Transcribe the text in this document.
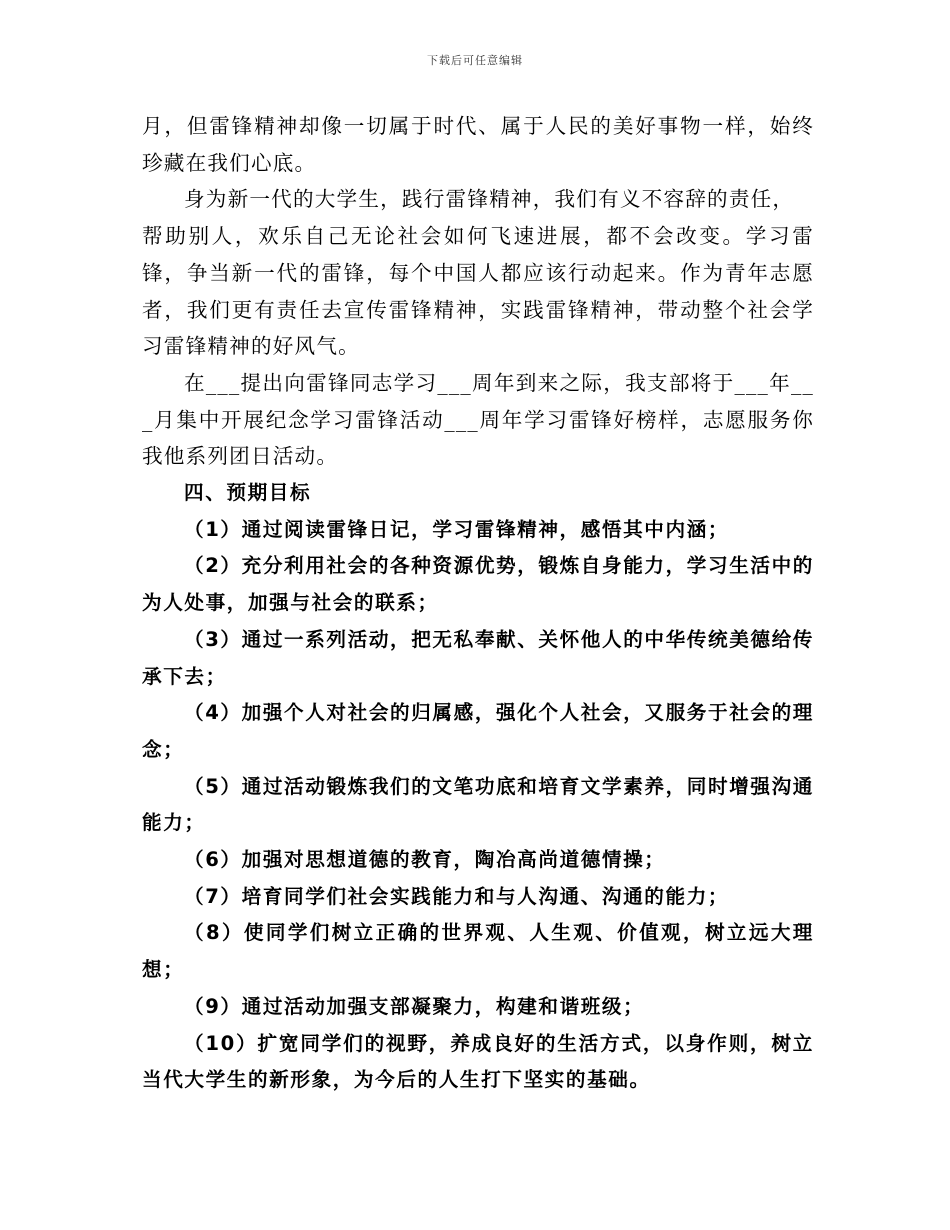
下载后可任意编辑

月，但雷锋精神却像一切属于时代、属于人民的美好事物一样，始终珍藏在我们心底。

身为新一代的大学生，践行雷锋精神，我们有义不容辞的责任，

帮助别人，欢乐自己无论社会如何飞速进展，都不会改变。学习雷锋，争当新一代的雷锋，每个中国人都应该行动起来。作为青年志愿者，我们更有责任去宣传雷锋精神，实践雷锋精神，带动整个社会学习雷锋精神的好风气。

在___提出向雷锋同志学习___周年到来之际，我支部将于___年___月集中开展纪念学习雷锋活动___周年学习雷锋好榜样，志愿服务你我他系列团日活动。

四、预期目标

（1）通过阅读雷锋日记，学习雷锋精神，感悟其中内涵；
（2）充分利用社会的各种资源优势，锻炼自身能力，学习生活中的为人处事，加强与社会的联系；
（3）通过一系列活动，把无私奉献、关怀他人的中华传统美德给传承下去；
（4）加强个人对社会的归属感，强化个人社会，又服务于社会的理念；
（5）通过活动锻炼我们的文笔功底和培育文学素养，同时增强沟通能力；
（6）加强对思想道德的教育，陶冶高尚道德情操；
（7）培育同学们社会实践能力和与人沟通、沟通的能力；
（8）使同学们树立正确的世界观、人生观、价值观，树立远大理想；
（9）通过活动加强支部凝聚力，构建和谐班级；
（10）扩宽同学们的视野，养成良好的生活方式，以身作则，树立当代大学生的新形象，为今后的人生打下坚实的基础。
